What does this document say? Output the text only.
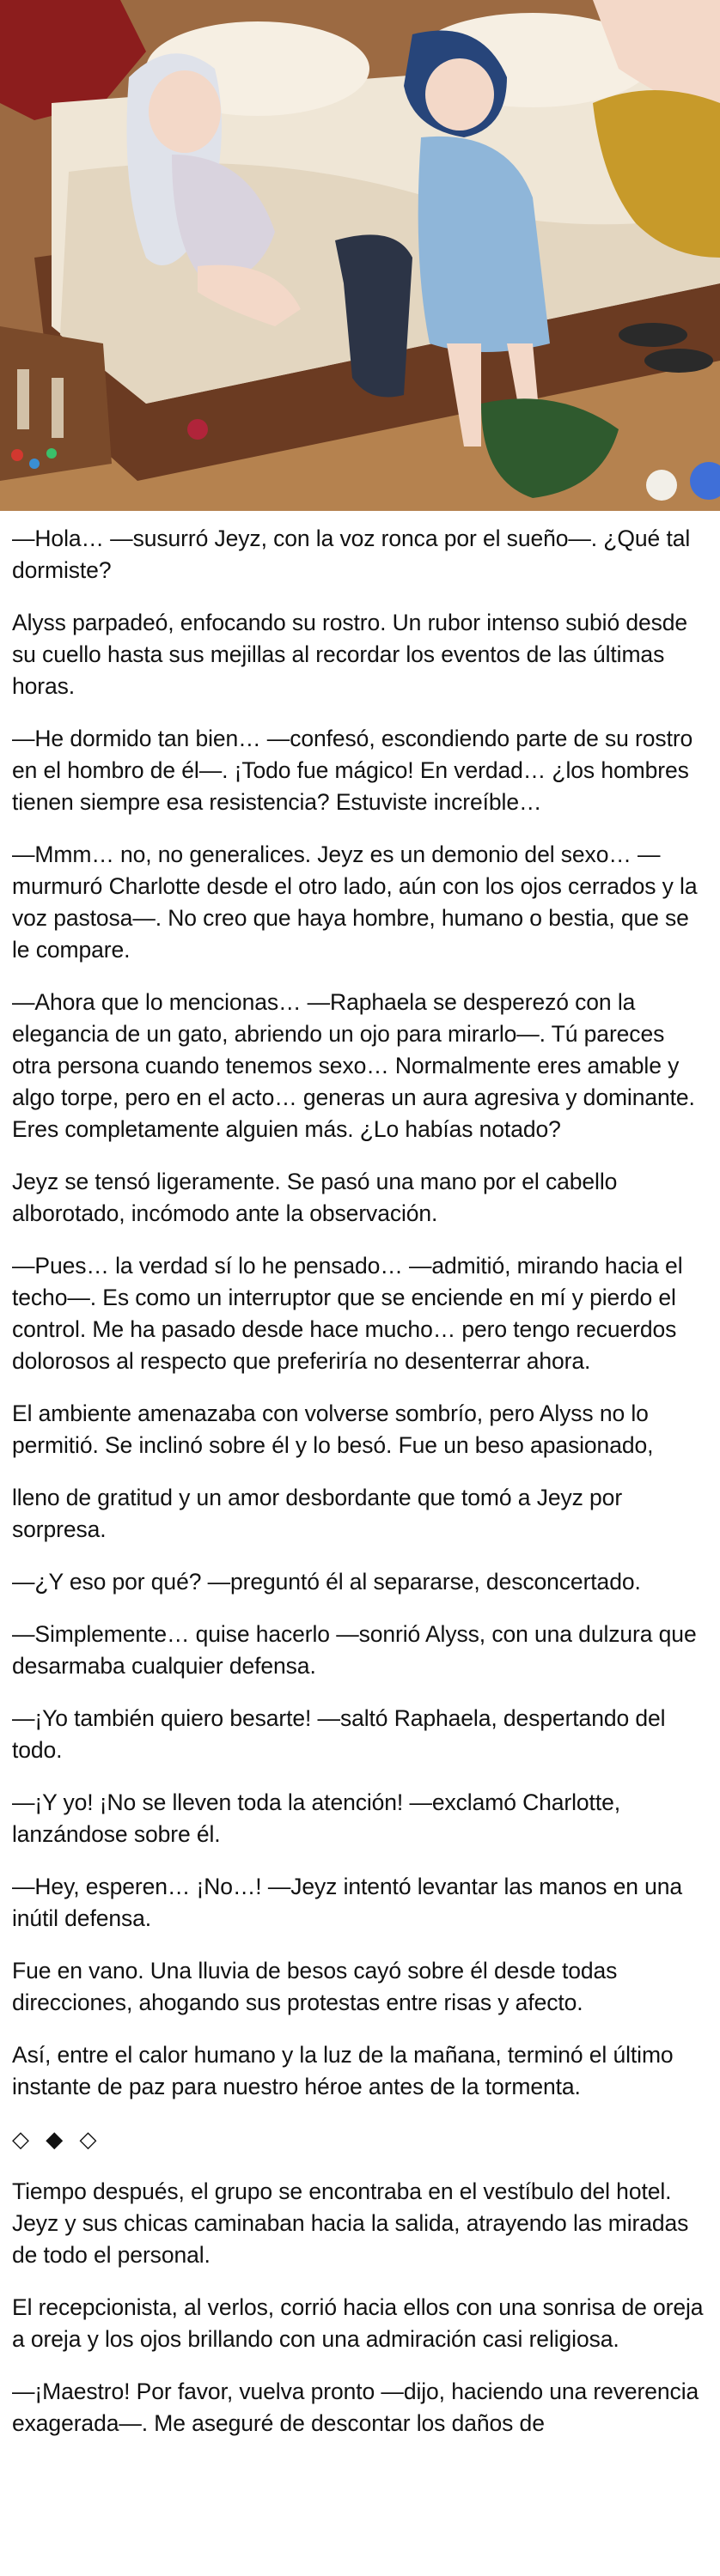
—Hola… —susurró Jeyz, con la voz ronca por el sueño—. ¿Qué tal dormiste?

Alyss parpadeó, enfocando su rostro. Un rubor intenso subió desde su cuello hasta sus mejillas al recordar los eventos de las últimas horas.

—He dormido tan bien… —confesó, escondiendo parte de su rostro en el hombro de él—. ¡Todo fue mágico! En verdad… ¿los hombres tienen siempre esa resistencia? Estuviste increíble…

—Mmm… no, no generalices. Jeyz es un demonio del sexo… —murmuró Charlotte desde el otro lado, aún con los ojos cerrados y la voz pastosa—. No creo que haya hombre, humano o bestia, que se le compare.

—Ahora que lo mencionas… —Raphaela se desperezó con la elegancia de un gato, abriendo un ojo para mirarlo—. Tú pareces otra persona cuando tenemos sexo… Normalmente eres amable y algo torpe, pero en el acto… generas un aura agresiva y dominante. Eres completamente alguien más. ¿Lo habías notado?

Jeyz se tensó ligeramente. Se pasó una mano por el cabello alborotado, incómodo ante la observación.

—Pues… la verdad sí lo he pensado… —admitió, mirando hacia el techo—. Es como un interruptor que se enciende en mí y pierdo el control. Me ha pasado desde hace mucho… pero tengo recuerdos dolorosos al respecto que preferiría no desenterrar ahora.

El ambiente amenazaba con volverse sombrío, pero Alyss no lo permitió. Se inclinó sobre él y lo besó. Fue un beso apasionado,

lleno de gratitud y un amor desbordante que tomó a Jeyz por sorpresa.

—¿Y eso por qué? —preguntó él al separarse, desconcertado.

—Simplemente… quise hacerlo —sonrió Alyss, con una dulzura que desarmaba cualquier defensa.

—¡Yo también quiero besarte! —saltó Raphaela, despertando del todo.

—¡Y yo! ¡No se lleven toda la atención! —exclamó Charlotte, lanzándose sobre él.

—Hey, esperen… ¡No…! —Jeyz intentó levantar las manos en una inútil defensa.

Fue en vano. Una lluvia de besos cayó sobre él desde todas direcciones, ahogando sus protestas entre risas y afecto.

Así, entre el calor humano y la luz de la mañana, terminó el último instante de paz para nuestro héroe antes de la tormenta.

◇ ◆ ◇

Tiempo después, el grupo se encontraba en el vestíbulo del hotel. Jeyz y sus chicas caminaban hacia la salida, atrayendo las miradas de todo el personal.

El recepcionista, al verlos, corrió hacia ellos con una sonrisa de oreja a oreja y los ojos brillando con una admiración casi religiosa.

—¡Maestro! Por favor, vuelva pronto —dijo, haciendo una reverencia exagerada—. Me aseguré de descontar los daños de
